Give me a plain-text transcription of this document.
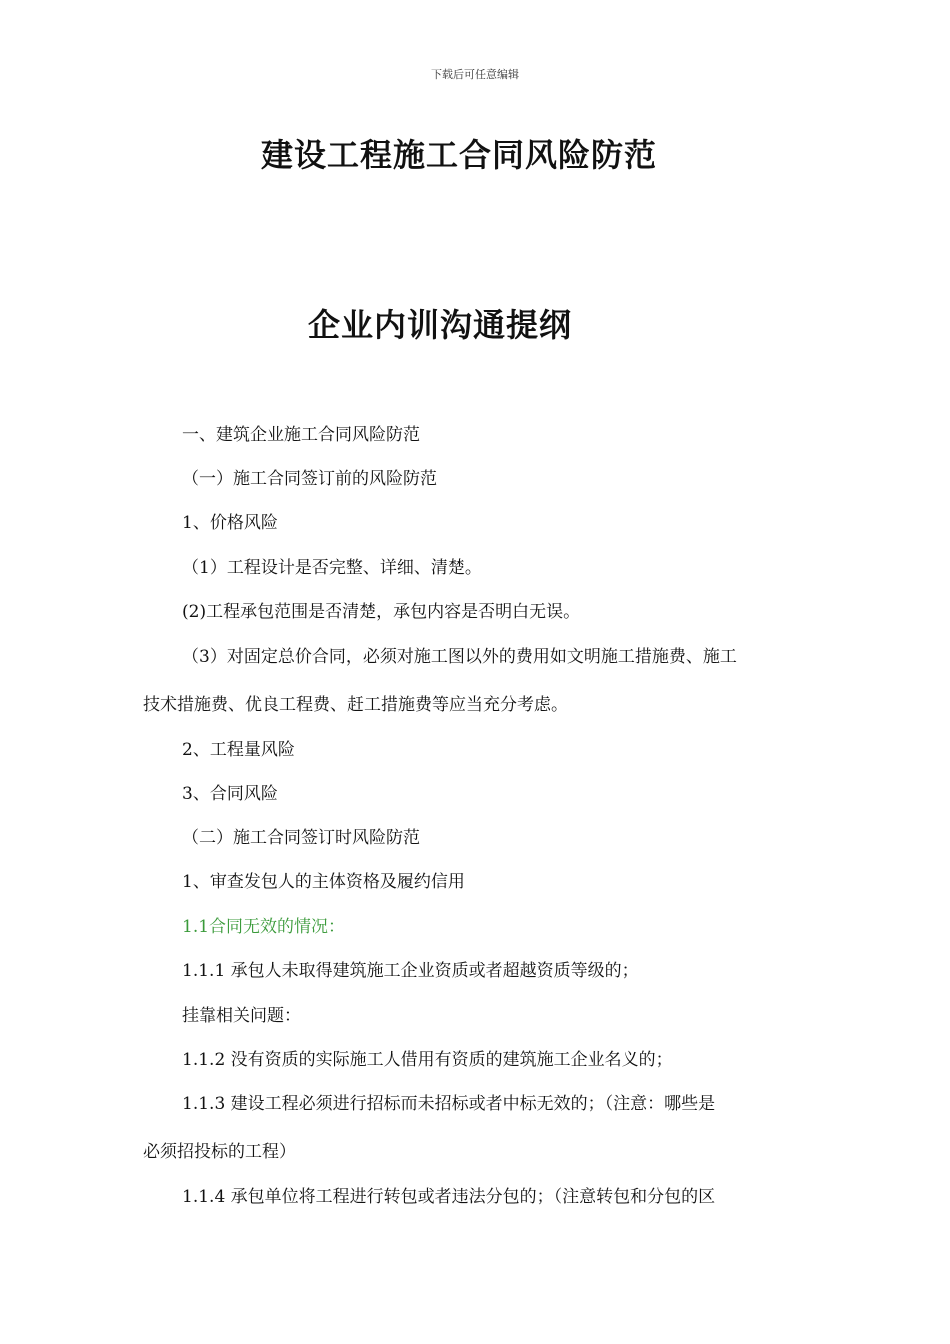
下载后可任意编辑
建设工程施工合同风险防范
企业内训沟通提纲
一、建筑企业施工合同风险防范
（一）施工合同签订前的风险防范
1、价格风险
（1）工程设计是否完整、详细、清楚。
(2)工程承包范围是否清楚，承包内容是否明白无误。
（3）对固定总价合同，必须对施工图以外的费用如文明施工措施费、施工
技术措施费、优良工程费、赶工措施费等应当充分考虑。
2、工程量风险
3、合同风险
（二）施工合同签订时风险防范
1、审查发包人的主体资格及履约信用
1.1合同无效的情况：
1.1.1 承包人未取得建筑施工企业资质或者超越资质等级的；
挂靠相关问题：
1.1.2 没有资质的实际施工人借用有资质的建筑施工企业名义的；
1.1.3 建设工程必须进行招标而未招标或者中标无效的；（注意：哪些是
必须招投标的工程）
1.1.4 承包单位将工程进行转包或者违法分包的；（注意转包和分包的区
